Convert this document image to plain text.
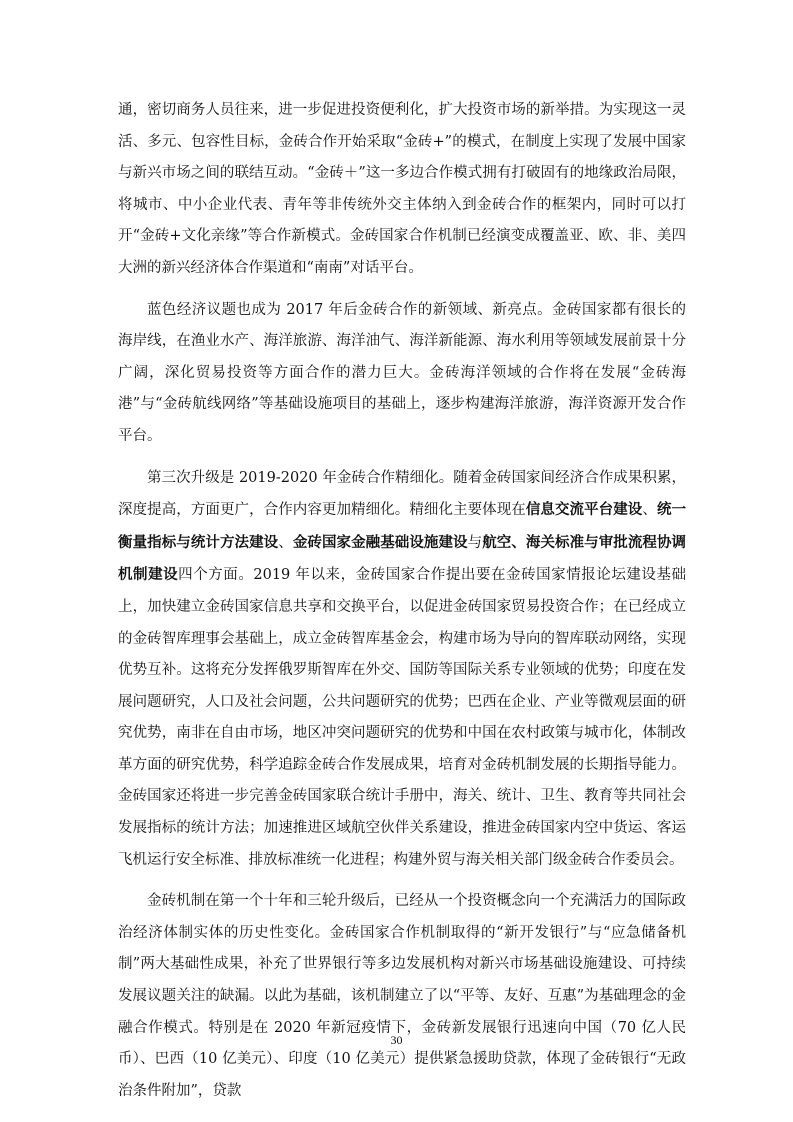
通，密切商务人员往来，进一步促进投资便利化，扩大投资市场的新举措。为实现这一灵活、多元、包容性目标，金砖合作开始采取“金砖+”的模式，在制度上实现了发展中国家与新兴市场之间的联结互动。“金砖＋”这一多边合作模式拥有打破固有的地缘政治局限，将城市、中小企业代表、青年等非传统外交主体纳入到金砖合作的框架内，同时可以打开“金砖+文化亲缘”等合作新模式。金砖国家合作机制已经演变成覆盖亚、欧、非、美四大洲的新兴经济体合作渠道和“南南”对话平台。

蓝色经济议题也成为 2017 年后金砖合作的新领域、新亮点。金砖国家都有很长的海岸线，在渔业水产、海洋旅游、海洋油气、海洋新能源、海水利用等领域发展前景十分广阔，深化贸易投资等方面合作的潜力巨大。金砖海洋领域的合作将在发展“金砖海港”与“金砖航线网络”等基础设施项目的基础上，逐步构建海洋旅游，海洋资源开发合作平台。

第三次升级是 2019-2020 年金砖合作精细化。随着金砖国家间经济合作成果积累，深度提高，方面更广，合作内容更加精细化。精细化主要体现在信息交流平台建设、统一衡量指标与统计方法建设、金砖国家金融基础设施建设与航空、海关标准与审批流程协调机制建设四个方面。2019 年以来，金砖国家合作提出要在金砖国家情报论坛建设基础上，加快建立金砖国家信息共享和交换平台，以促进金砖国家贸易投资合作；在已经成立的金砖智库理事会基础上，成立金砖智库基金会，构建市场为导向的智库联动网络，实现优势互补。这将充分发挥俄罗斯智库在外交、国防等国际关系专业领域的优势；印度在发展问题研究，人口及社会问题，公共问题研究的优势；巴西在企业、产业等微观层面的研究优势，南非在自由市场，地区冲突问题研究的优势和中国在农村政策与城市化，体制改革方面的研究优势，科学追踪金砖合作发展成果，培育对金砖机制发展的长期指导能力。金砖国家还将进一步完善金砖国家联合统计手册中，海关、统计、卫生、教育等共同社会发展指标的统计方法；加速推进区域航空伙伴关系建设，推进金砖国家内空中货运、客运飞机运行安全标准、排放标准统一化进程；构建外贸与海关相关部门级金砖合作委员会。

金砖机制在第一个十年和三轮升级后，已经从一个投资概念向一个充满活力的国际政治经济体制实体的历史性变化。金砖国家合作机制取得的“新开发银行”与“应急储备机制”两大基础性成果，补充了世界银行等多边发展机构对新兴市场基础设施建设、可持续发展议题关注的缺漏。以此为基础，该机制建立了以“平等、友好、互惠”为基础理念的金融合作模式。特别是在 2020 年新冠疫情下，金砖新发展银行迅速向中国（70 亿人民币）、巴西（10 亿美元）、印度（10 亿美元）提供紧急援助贷款，体现了金砖银行“无政治条件附加”，贷款

30
